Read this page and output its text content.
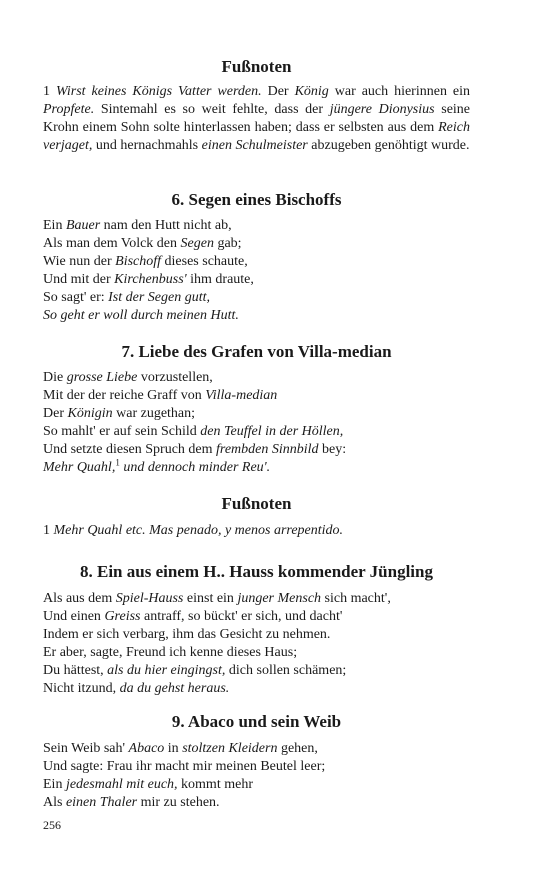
Fußnoten

1 Wirst keines Königs Vatter werden. Der König war auch hierinnen ein Propfete. Sintemahl es so weit fehlte, dass der jüngere Dionysius seine Krohn einem Sohn solte hinterlassen haben; dass er selbsten aus dem Reich verjaget, und hernachmahls einen Schulmeister abzugeben genöhtigt wurde.

6. Segen eines Bischoffs
Ein Bauer nam den Hutt nicht ab,
Als man dem Volck den Segen gab;
Wie nun der Bischoff dieses schaute,
Und mit der Kirchenbuss' ihm draute,
So sagt' er: Ist der Segen gutt,
So geht er woll durch meinen Hutt.
7. Liebe des Grafen von Villa-median
Die grosse Liebe vorzustellen,
Mit der der reiche Graff von Villa-median
Der Königin war zugethan;
So mahlt' er auf sein Schild den Teuffel in der Höllen,
Und setzte diesen Spruch dem frembden Sinnbild bey:
Mehr Quahl,$^1$ und dennoch minder Reu'.
Fußnoten

1 Mehr Quahl etc. Mas penado, y menos arrepentido.

8. Ein aus einem H.. Hauss kommender Jüngling
Als aus dem Spiel-Hauss einst ein junger Mensch sich macht',
Und einen Greiss antraff, so bückt' er sich, und dacht'
Indem er sich verbarg, ihm das Gesicht zu nehmen.
Er aber, sagte, Freund ich kenne dieses Haus;
Du hättest, als du hier eingingst, dich sollen schämen;
Nicht itzund, da du gehst heraus.
9. Abaco und sein Weib
Sein Weib sah' Abaco in stoltzen Kleidern gehen,
Und sagte: Frau ihr macht mir meinen Beutel leer;
Ein jedesmahl mit euch, kommt mehr
Als einen Thaler mir zu stehen.

256
